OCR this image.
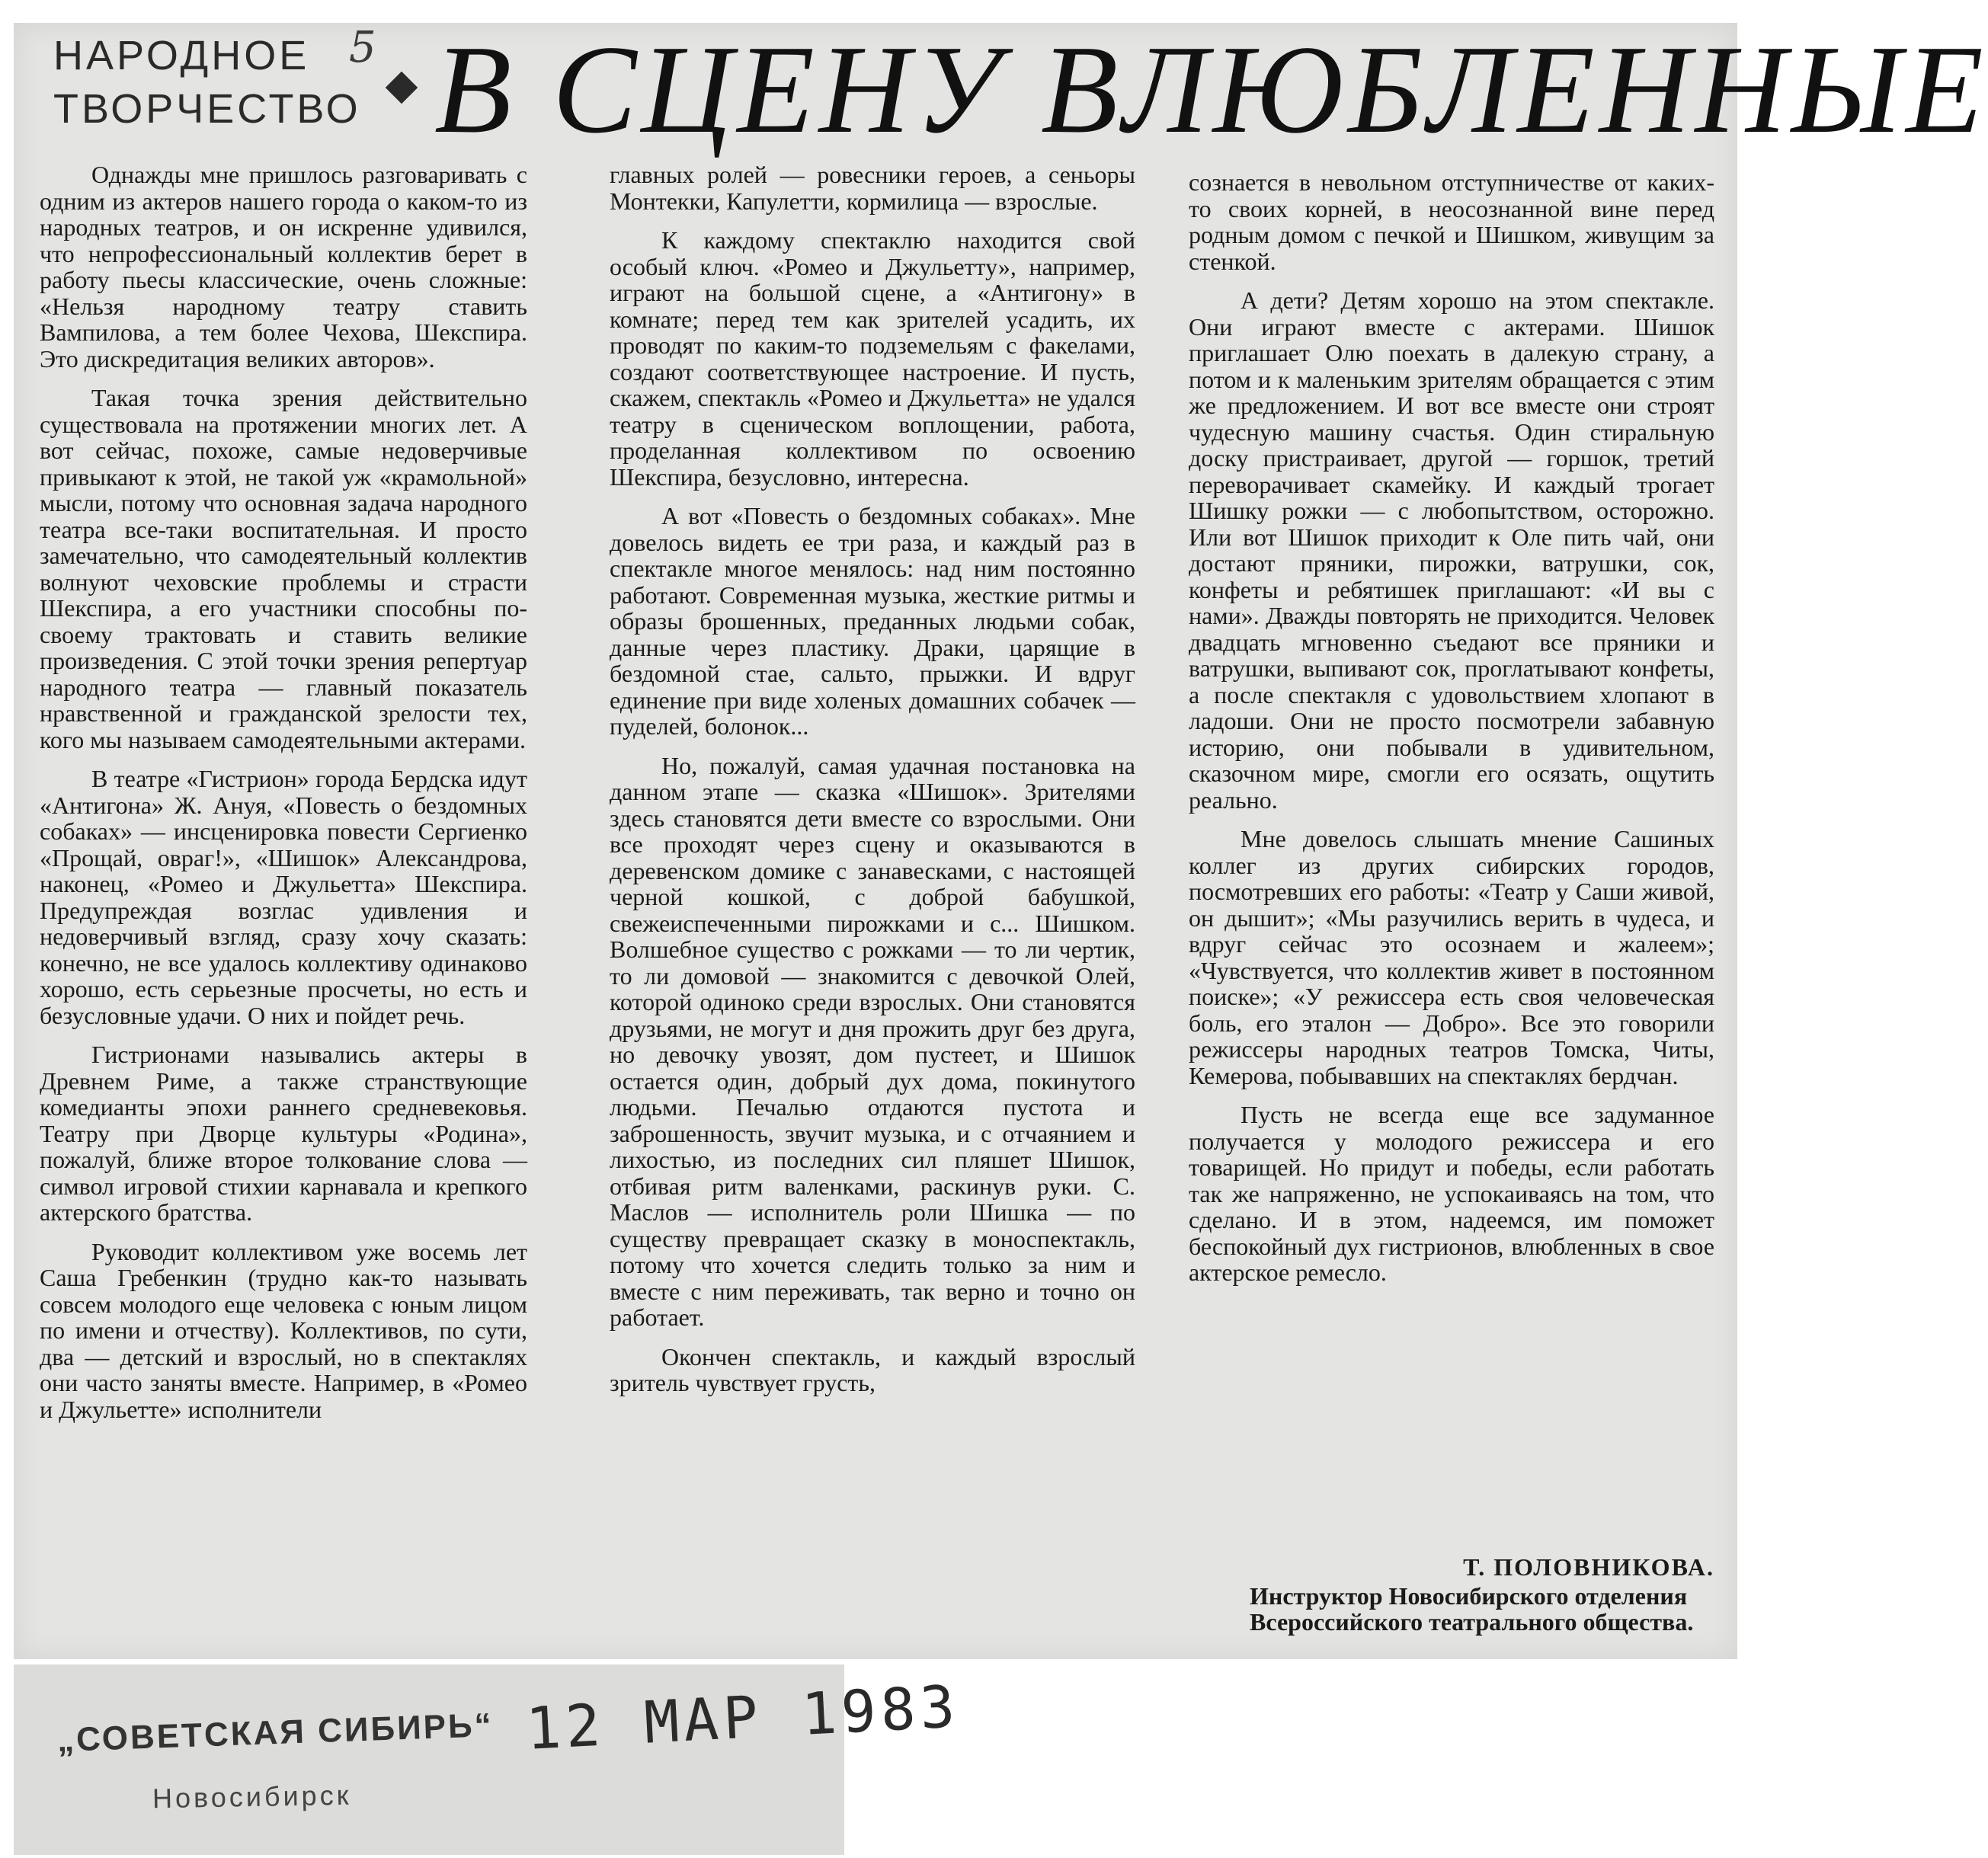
НАРОДНОЕ
ТВОРЧЕСТВО
5 В СЦЕНУ ВЛЮБЛЕННЫЕ

Однажды мне пришлось разговаривать с одним из актеров нашего города о каком-то из народных театров, и он искренне удивился, что непрофессиональный коллектив берет в работу пьесы классические, очень сложные: «Нельзя народному театру ставить Вампилова, а тем более Чехова, Шекспира. Это дискредитация великих авторов».

Такая точка зрения действительно существовала на протяжении многих лет. А вот сейчас, похоже, самые недоверчивые привыкают к этой, не такой уж «крамольной» мысли, потому что основная задача народного театра все-таки воспитательная. И просто замечательно, что самодеятельный коллектив волнуют чеховские проблемы и страсти Шекспира, а его участники способны по-своему трактовать и ставить великие произведения. С этой точки зрения репертуар народного театра — главный показатель нравственной и гражданской зрелости тех, кого мы называем самодеятельными актерами.

В театре «Гистрион» города Бердска идут «Антигона» Ж. Ануя, «Повесть о бездомных собаках» — инсценировка повести Сергиенко «Прощай, овраг!», «Шишок» Александрова, наконец, «Ромео и Джульетта» Шекспира. Предупреждая возглас удивления и недоверчивый взгляд, сразу хочу сказать: конечно, не все удалось коллективу одинаково хорошо, есть серьезные просчеты, но есть и безусловные удачи. О них и пойдет речь.

Гистрионами назывались актеры в Древнем Риме, а также странствующие комедианты эпохи раннего средневековья. Театру при Дворце культуры «Родина», пожалуй, ближе второе толкование слова — символ игровой стихии карнавала и крепкого актерского братства.

Руководит коллективом уже восемь лет Саша Гребенкин (трудно как-то называть совсем молодого еще человека с юным лицом по имени и отчеству). Коллективов, по сути, два — детский и взрослый, но в спектаклях они часто заняты вместе. Например, в «Ромео и Джульетте» исполнители

главных ролей — ровесники героев, а сеньоры Монтекки, Капулетти, кормилица — взрослые.

К каждому спектаклю находится свой особый ключ. «Ромео и Джульетту», например, играют на большой сцене, а «Антигону» в комнате; перед тем как зрителей усадить, их проводят по каким-то подземельям с факелами, создают соответствующее настроение. И пусть, скажем, спектакль «Ромео и Джульетта» не удался театру в сценическом воплощении, работа, проделанная коллективом по освоению Шекспира, безусловно, интересна.

А вот «Повесть о бездомных собаках». Мне довелось видеть ее три раза, и каждый раз в спектакле многое менялось: над ним постоянно работают. Современная музыка, жесткие ритмы и образы брошенных, преданных людьми собак, данные через пластику. Драки, царящие в бездомной стае, сальто, прыжки. И вдруг единение при виде холеных домашних собачек — пуделей, болонок...

Но, пожалуй, самая удачная постановка на данном этапе — сказка «Шишок». Зрителями здесь становятся дети вместе со взрослыми. Они все проходят через сцену и оказываются в деревенском домике с занавесками, с настоящей черной кошкой, с доброй бабушкой, свежеиспеченными пирожками и с... Шишком. Волшебное существо с рожками — то ли чертик, то ли домовой — знакомится с девочкой Олей, которой одиноко среди взрослых. Они становятся друзьями, не могут и дня прожить друг без друга, но девочку увозят, дом пустеет, и Шишок остается один, добрый дух дома, покинутого людьми. Печалью отдаются пустота и заброшенность, звучит музыка, и с отчаянием и лихостью, из последних сил пляшет Шишок, отбивая ритм валенками, раскинув руки. С. Маслов — исполнитель роли Шишка — по существу превращает сказку в моноспектакль, потому что хочется следить только за ним и вместе с ним переживать, так верно и точно он работает.

Окончен спектакль, и каждый взрослый зритель чувствует грусть,

сознается в невольном отступничестве от каких-то своих корней, в неосознанной вине перед родным домом с печкой и Шишком, живущим за стенкой.

А дети? Детям хорошо на этом спектакле. Они играют вместе с актерами. Шишок приглашает Олю поехать в далекую страну, а потом и к маленьким зрителям обращается с этим же предложением. И вот все вместе они строят чудесную машину счастья. Один стиральную доску пристраивает, другой — горшок, третий переворачивает скамейку. И каждый трогает Шишку рожки — с любопытством, осторожно. Или вот Шишок приходит к Оле пить чай, они достают пряники, пирожки, ватрушки, сок, конфеты и ребятишек приглашают: «И вы с нами». Дважды повторять не приходится. Человек двадцать мгновенно съедают все пряники и ватрушки, выпивают сок, проглатывают конфеты, а после спектакля с удовольствием хлопают в ладоши. Они не просто посмотрели забавную историю, они побывали в удивительном, сказочном мире, смогли его осязать, ощутить реально.

Мне довелось слышать мнение Сашиных коллег из других сибирских городов, посмотревших его работы: «Театр у Саши живой, он дышит»; «Мы разучились верить в чудеса, и вдруг сейчас это осознаем и жалеем»; «Чувствуется, что коллектив живет в постоянном поиске»; «У режиссера есть своя человеческая боль, его эталон — Добро». Все это говорили режиссеры народных театров Томска, Читы, Кемерова, побывавших на спектаклях бердчан.

Пусть не всегда еще все задуманное получается у молодого режиссера и его товарищей. Но придут и победы, если работать так же напряженно, не успокаиваясь на том, что сделано. И в этом, надеемся, им поможет беспокойный дух гистрионов, влюбленных в свое актерское ремесло.

Т. ПОЛОВНИКОВА.
Инструктор Новосибирского отделения Всероссийского театрального общества.
„СОВЕТСКАЯ СИБИРЬ“
Новосибирск
12 МАР 1983
